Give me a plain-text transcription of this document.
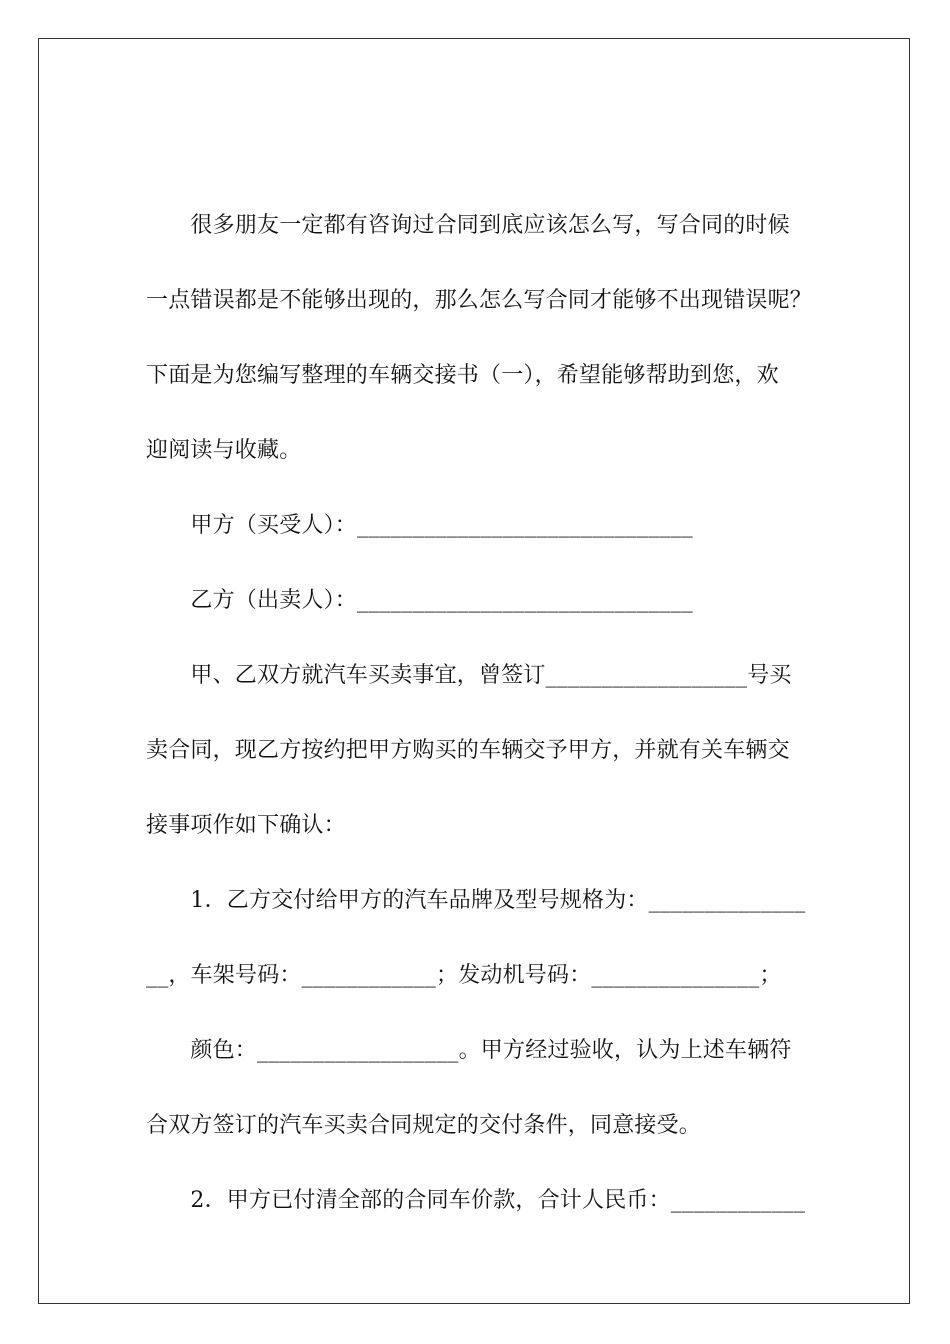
　　很多朋友一定都有咨询过合同到底应该怎么写，写合同的时候
一点错误都是不能够出现的，那么怎么写合同才能够不出现错误呢？
下面是为您编写整理的车辆交接书（一），希望能够帮助到您，欢
迎阅读与收藏。
　　甲方（买受人）：______________________________
　　乙方（出卖人）：______________________________
　　甲、乙双方就汽车买卖事宜，曾签订__________________号买
卖合同，现乙方按约把甲方购买的车辆交予甲方，并就有关车辆交
接事项作如下确认：
　　1．乙方交付给甲方的汽车品牌及型号规格为：______________
__，车架号码：____________；发动机号码：_______________；
　　颜色：__________________。甲方经过验收，认为上述车辆符
合双方签订的汽车买卖合同规定的交付条件，同意接受。
　　2．甲方已付清全部的合同车价款，合计人民币：____________
